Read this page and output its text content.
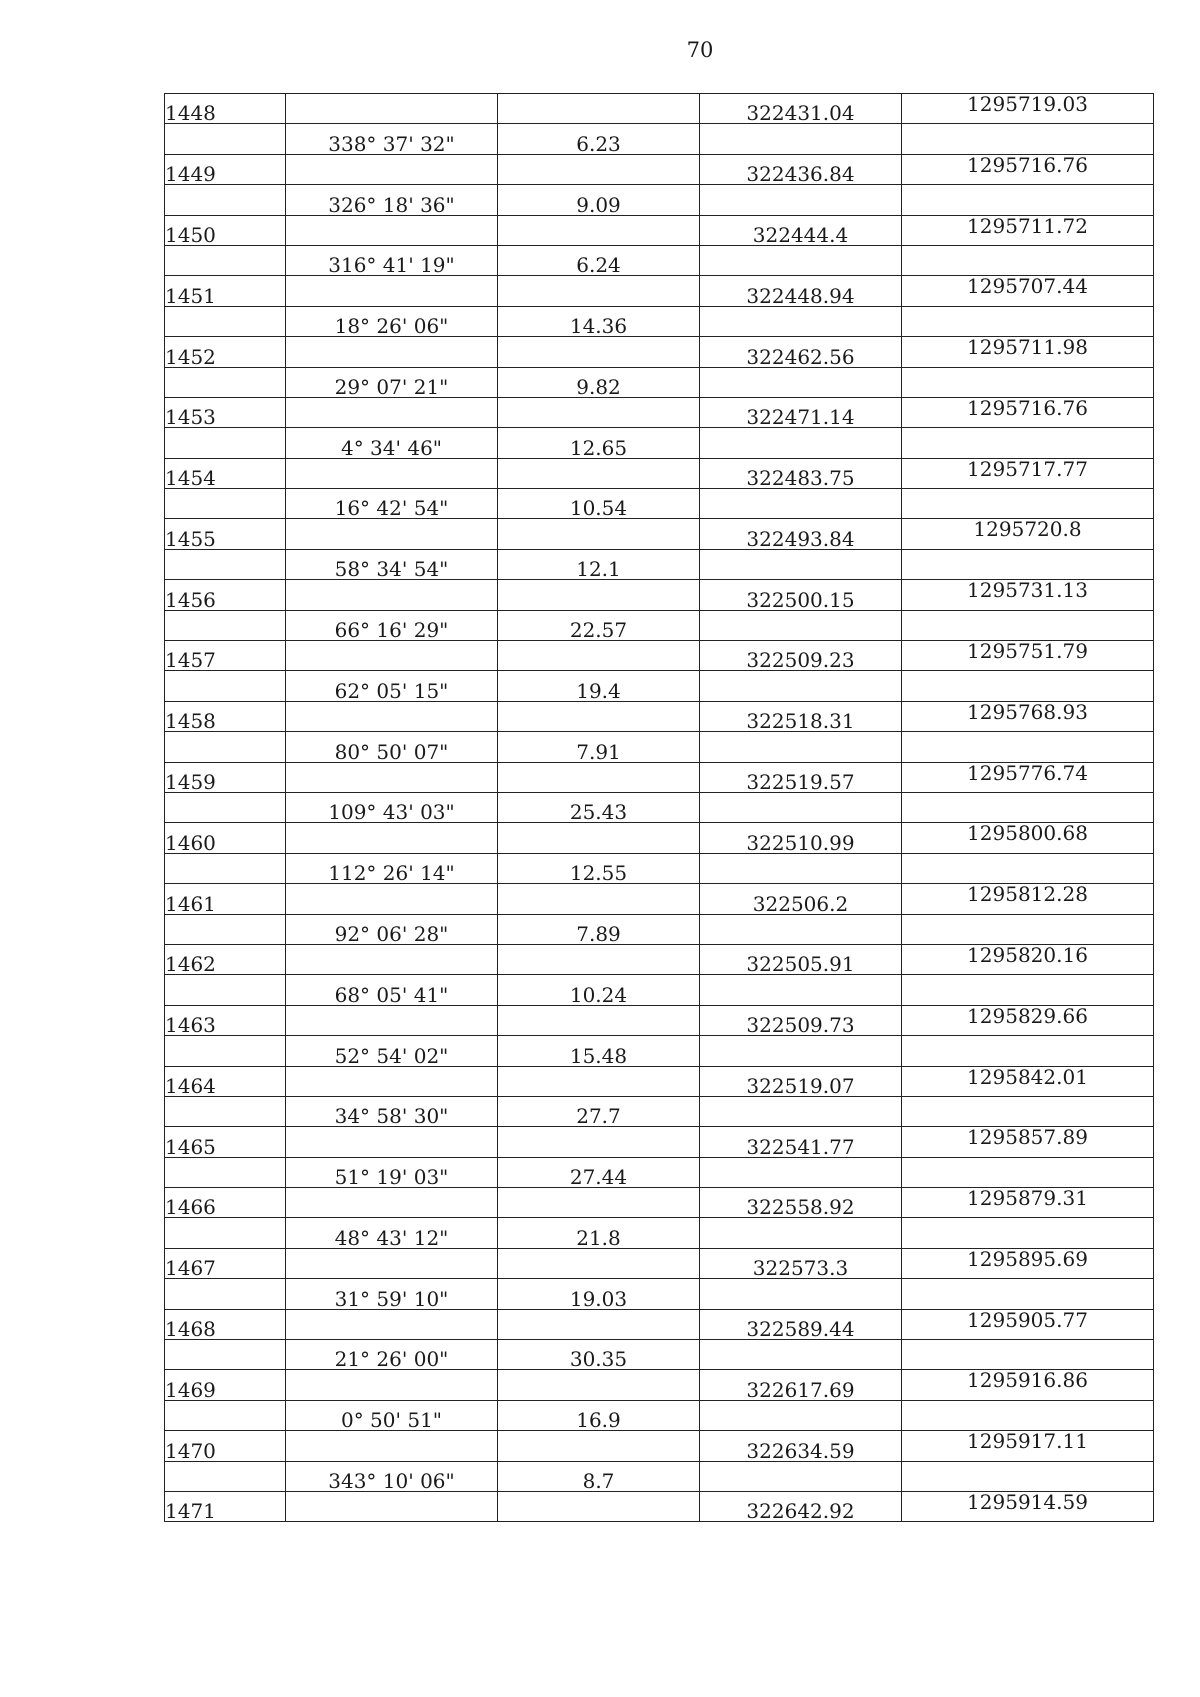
70
1448			322431.04	1295719.03
	338° 37' 32"	6.23		
1449			322436.84	1295716.76
	326° 18' 36"	9.09		
1450			322444.4	1295711.72
	316° 41' 19"	6.24		
1451			322448.94	1295707.44
	18° 26' 06"	14.36		
1452			322462.56	1295711.98
	29° 07' 21"	9.82		
1453			322471.14	1295716.76
	4° 34' 46"	12.65		
1454			322483.75	1295717.77
	16° 42' 54"	10.54		
1455			322493.84	1295720.8
	58° 34' 54"	12.1		
1456			322500.15	1295731.13
	66° 16' 29"	22.57		
1457			322509.23	1295751.79
	62° 05' 15"	19.4		
1458			322518.31	1295768.93
	80° 50' 07"	7.91		
1459			322519.57	1295776.74
	109° 43' 03"	25.43		
1460			322510.99	1295800.68
	112° 26' 14"	12.55		
1461			322506.2	1295812.28
	92° 06' 28"	7.89		
1462			322505.91	1295820.16
	68° 05' 41"	10.24		
1463			322509.73	1295829.66
	52° 54' 02"	15.48		
1464			322519.07	1295842.01
	34° 58' 30"	27.7		
1465			322541.77	1295857.89
	51° 19' 03"	27.44		
1466			322558.92	1295879.31
	48° 43' 12"	21.8		
1467			322573.3	1295895.69
	31° 59' 10"	19.03		
1468			322589.44	1295905.77
	21° 26' 00"	30.35		
1469			322617.69	1295916.86
	0° 50' 51"	16.9		
1470			322634.59	1295917.11
	343° 10' 06"	8.7		
1471			322642.92	1295914.59
